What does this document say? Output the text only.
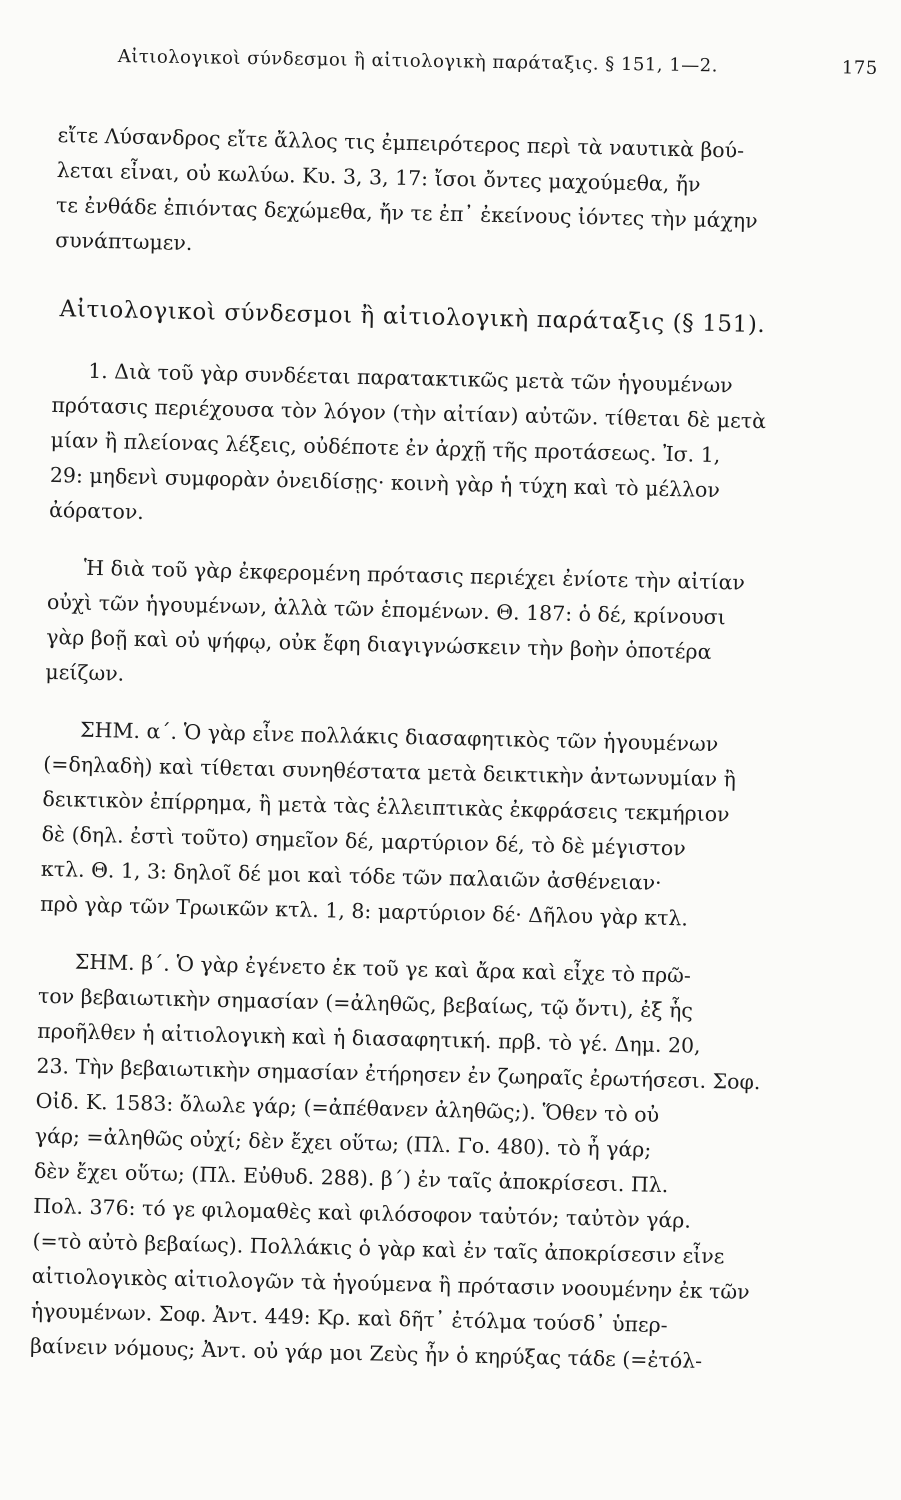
Αἰτιολογικοὶ σύνδεσμοι ἢ αἰτιολογικὴ παράταξις. § 151, 1—2.	175

εἴτε Λύσανδρος εἴτε ἄλλος τις ἐμπειρότερος περὶ τὰ ναυτικὰ βού-
λεται εἶναι, οὐ κωλύω. Κυ. 3, 3, 17: ἴσοι ὄντες μαχούμεθα, ἤν
τε ἐνθάδε ἐπιόντας δεχώμεθα, ἤν τε ἐπ᾽ ἐκείνους ἰόντες τὴν μάχην
συνάπτωμεν.

Αἰτιολογικοὶ σύνδεσμοι ἢ αἰτιολογικὴ παράταξις (§ 151).

1. Διὰ τοῦ γὰρ συνδέεται παρατακτικῶς μετὰ τῶν ἡγουμένων
πρότασις περιέχουσα τὸν λόγον (τὴν αἰτίαν) αὐτῶν. τίθεται δὲ μετὰ
μίαν ἢ πλείονας λέξεις, οὐδέποτε ἐν ἀρχῇ τῆς προτάσεως. Ἰσ. 1,
29: μηδενὶ συμφορὰν ὀνειδίσῃς· κοινὴ γὰρ ἡ τύχη καὶ τὸ μέλλον
ἀόρατον.

Ἡ διὰ τοῦ γὰρ ἐκφερομένη πρότασις περιέχει ἐνίοτε τὴν αἰτίαν
οὐχὶ τῶν ἡγουμένων, ἀλλὰ τῶν ἑπομένων. Θ. 187: ὁ δέ, κρίνουσι
γὰρ βοῇ καὶ οὐ ψήφῳ, οὐκ ἔφη διαγιγνώσκειν τὴν βοὴν ὁποτέρα
μείζων.

ΣΗΜ. α΄. Ὁ γὰρ εἶνε πολλάκις διασαφητικὸς τῶν ἡγουμένων
(=δηλαδὴ) καὶ τίθεται συνηθέστατα μετὰ δεικτικὴν ἀντωνυμίαν ἢ
δεικτικὸν ἐπίρρημα, ἢ μετὰ τὰς ἐλλειπτικὰς ἐκφράσεις τεκμήριον
δὲ (δηλ. ἐστὶ τοῦτο) σημεῖον δέ, μαρτύριον δέ, τὸ δὲ μέγιστον
κτλ. Θ. 1, 3: δηλοῖ δέ μοι καὶ τόδε τῶν παλαιῶν ἀσθένειαν·
πρὸ γὰρ τῶν Τρωικῶν κτλ. 1, 8: μαρτύριον δέ· Δῆλου γὰρ κτλ.

ΣΗΜ. β΄. Ὁ γὰρ ἐγένετο ἐκ τοῦ γε καὶ ἄρα καὶ εἶχε τὸ πρῶ-
τον βεβαιωτικὴν σημασίαν (=ἀληθῶς, βεβαίως, τῷ ὄντι), ἐξ ἧς
προῆλθεν ἡ αἰτιολογικὴ καὶ ἡ διασαφητική. πρβ. τὸ γέ. Δημ. 20,
23. Τὴν βεβαιωτικὴν σημασίαν ἐτήρησεν ἐν ζωηραῖς ἐρωτήσεσι. Σοφ.
Οἰδ. Κ. 1583: ὄλωλε γάρ; (=ἀπέθανεν ἀληθῶς;). Ὅθεν τὸ οὐ
γάρ; =ἀληθῶς οὐχί; δὲν ἔχει οὕτω; (Πλ. Γο. 480). τὸ ἦ γάρ;
δὲν ἔχει οὕτω; (Πλ. Εὐθυδ. 288). β΄) ἐν ταῖς ἀποκρίσεσι. Πλ.
Πολ. 376: τό γε φιλομαθὲς καὶ φιλόσοφον ταὐτόν; ταὐτὸν γάρ.
(=τὸ αὐτὸ βεβαίως). Πολλάκις ὁ γὰρ καὶ ἐν ταῖς ἀποκρίσεσιν εἶνε
αἰτιολογικὸς αἰτιολογῶν τὰ ἡγούμενα ἢ πρότασιν νοουμένην ἐκ τῶν
ἡγουμένων. Σοφ. Ἀντ. 449: Κρ. καὶ δῆτ᾽ ἐτόλμα τούσδ᾽ ὑπερ-
βαίνειν νόμους; Ἀντ. οὐ γάρ μοι Ζεὺς ἦν ὁ κηρύξας τάδε (=ἐτόλ-
